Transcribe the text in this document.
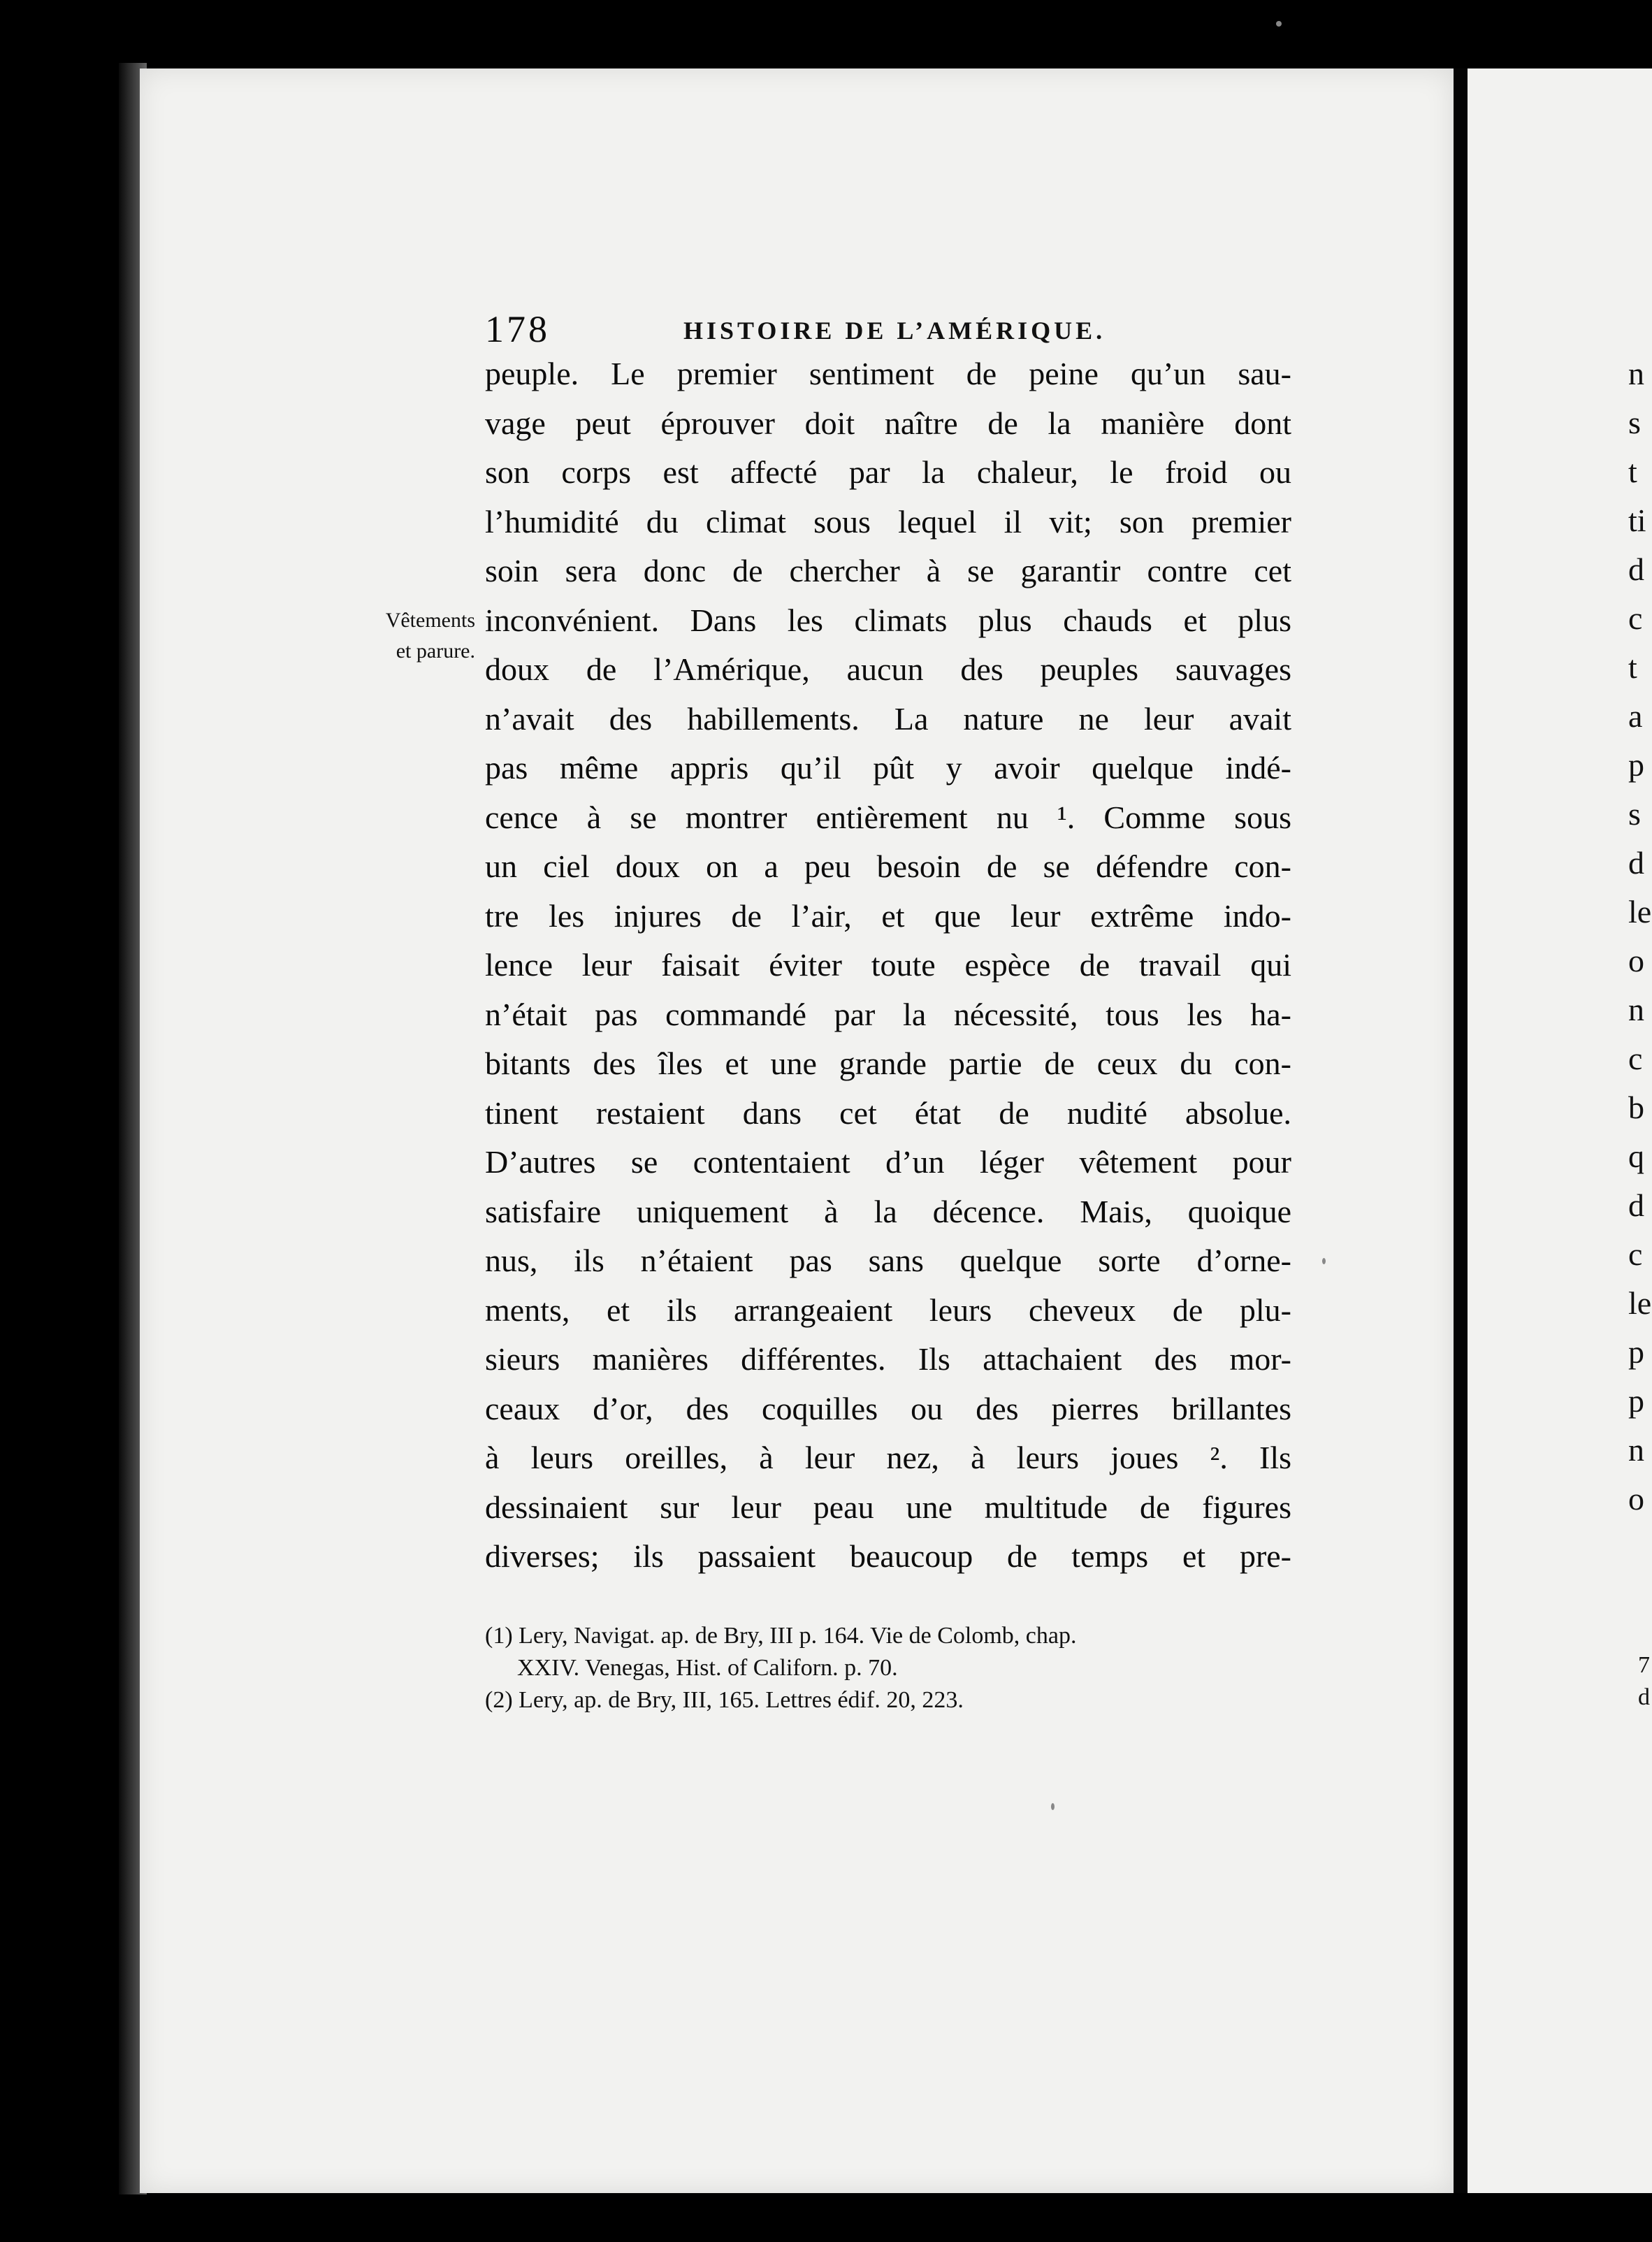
178	HISTOIRE DE L’AMÉRIQUE.
Vêtements
et parure.
peuple. Le premier sentiment de peine qu’un sau-
vage peut éprouver doit naître de la manière dont
son corps est affecté par la chaleur, le froid ou
l’humidité du climat sous lequel il vit; son premier
soin sera donc de chercher à se garantir contre cet
inconvénient. Dans les climats plus chauds et plus
doux de l’Amérique, aucun des peuples sauvages
n’avait des habillements. La nature ne leur avait
pas même appris qu’il pût y avoir quelque indé-
cence à se montrer entièrement nu ¹. Comme sous
un ciel doux on a peu besoin de se défendre con-
tre les injures de l’air, et que leur extrême indo-
lence leur faisait éviter toute espèce de travail qui
n’était pas commandé par la nécessité, tous les ha-
bitants des îles et une grande partie de ceux du con-
tinent restaient dans cet état de nudité absolue.
D’autres se contentaient d’un léger vêtement pour
satisfaire uniquement à la décence. Mais, quoique
nus, ils n’étaient pas sans quelque sorte d’orne-
ments, et ils arrangeaient leurs cheveux de plu-
sieurs manières différentes. Ils attachaient des mor-
ceaux d’or, des coquilles ou des pierres brillantes
à leurs oreilles, à leur nez, à leurs joues ². Ils
dessinaient sur leur peau une multitude de figures
diverses; ils passaient beaucoup de temps et pre-
(1) Lery, Navigat. ap. de Bry, III p. 164. Vie de Colomb, chap.
XXIV. Venegas, Hist. of Californ. p. 70.
(2) Lery, ap. de Bry, III, 165. Lettres édif. 20, 223.
n
s
t
ti
d
c
t
a
p
s
d
le
o
n
c
b
q
d
c
le
p
p
n
o
7
d
